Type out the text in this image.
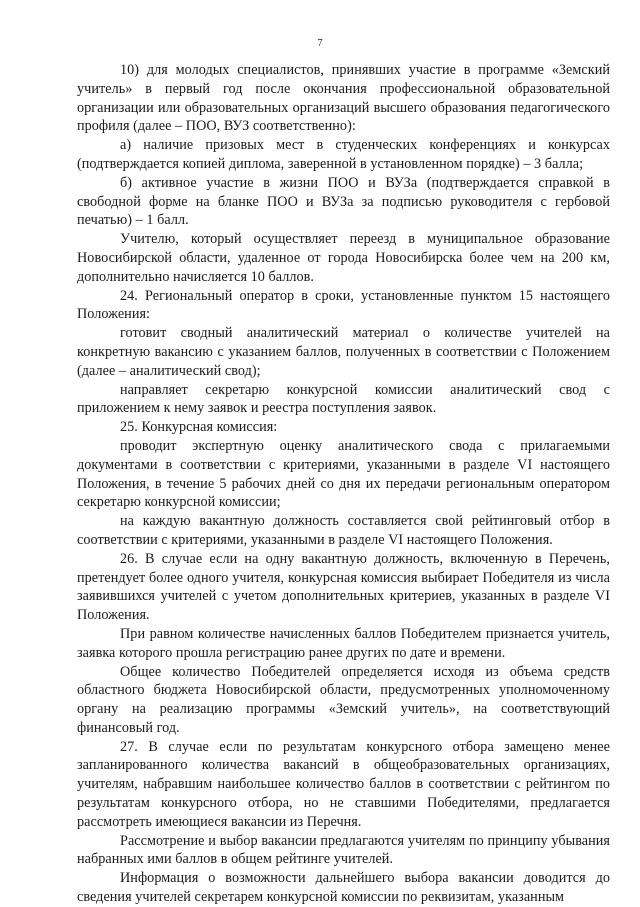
7

10) для молодых специалистов, принявших участие в программе «Земский учитель» в первый год после окончания профессиональной образовательной организации или образовательных организаций высшего образования педагогического профиля (далее – ПОО, ВУЗ соответственно):

а) наличие призовых мест в студенческих конференциях и конкурсах (подтверждается копией диплома, заверенной в установленном порядке) – 3 балла;

б) активное участие в жизни ПОО и ВУЗа (подтверждается справкой в свободной форме на бланке ПОО и ВУЗа за подписью руководителя с гербовой печатью) – 1 балл.

Учителю, который осуществляет переезд в муниципальное образование Новосибирской области, удаленное от города Новосибирска более чем на 200 км, дополнительно начисляется 10 баллов.

24. Региональный оператор в сроки, установленные пунктом 15 настоящего Положения:

готовит сводный аналитический материал о количестве учителей на конкретную вакансию с указанием баллов, полученных в соответствии с Положением (далее – аналитический свод);

направляет секретарю конкурсной комиссии аналитический свод с приложением к нему заявок и реестра поступления заявок.

25. Конкурсная комиссия:

проводит экспертную оценку аналитического свода с прилагаемыми документами в соответствии с критериями, указанными в разделе VI настоящего Положения, в течение 5 рабочих дней со дня их передачи региональным оператором секретарю конкурсной комиссии;

на каждую вакантную должность составляется свой рейтинговый отбор в соответствии с критериями, указанными в разделе VI настоящего Положения.

26. В случае если на одну вакантную должность, включенную в Перечень, претендует более одного учителя, конкурсная комиссия выбирает Победителя из числа заявившихся учителей с учетом дополнительных критериев, указанных в разделе VI Положения.

При равном количестве начисленных баллов Победителем признается учитель, заявка которого прошла регистрацию ранее других по дате и времени.

Общее количество Победителей определяется исходя из объема средств областного бюджета Новосибирской области, предусмотренных уполномоченному органу на реализацию программы «Земский учитель», на соответствующий финансовый год.

27. В случае если по результатам конкурсного отбора замещено менее запланированного количества вакансий в общеобразовательных организациях, учителям, набравшим наибольшее количество баллов в соответствии с рейтингом по результатам конкурсного отбора, но не ставшими Победителями, предлагается рассмотреть имеющиеся вакансии из Перечня.

Рассмотрение и выбор вакансии предлагаются учителям по принципу убывания набранных ими баллов в общем рейтинге учителей.

Информация о возможности дальнейшего выбора вакансии доводится до сведения учителей секретарем конкурсной комиссии по реквизитам, указанным
